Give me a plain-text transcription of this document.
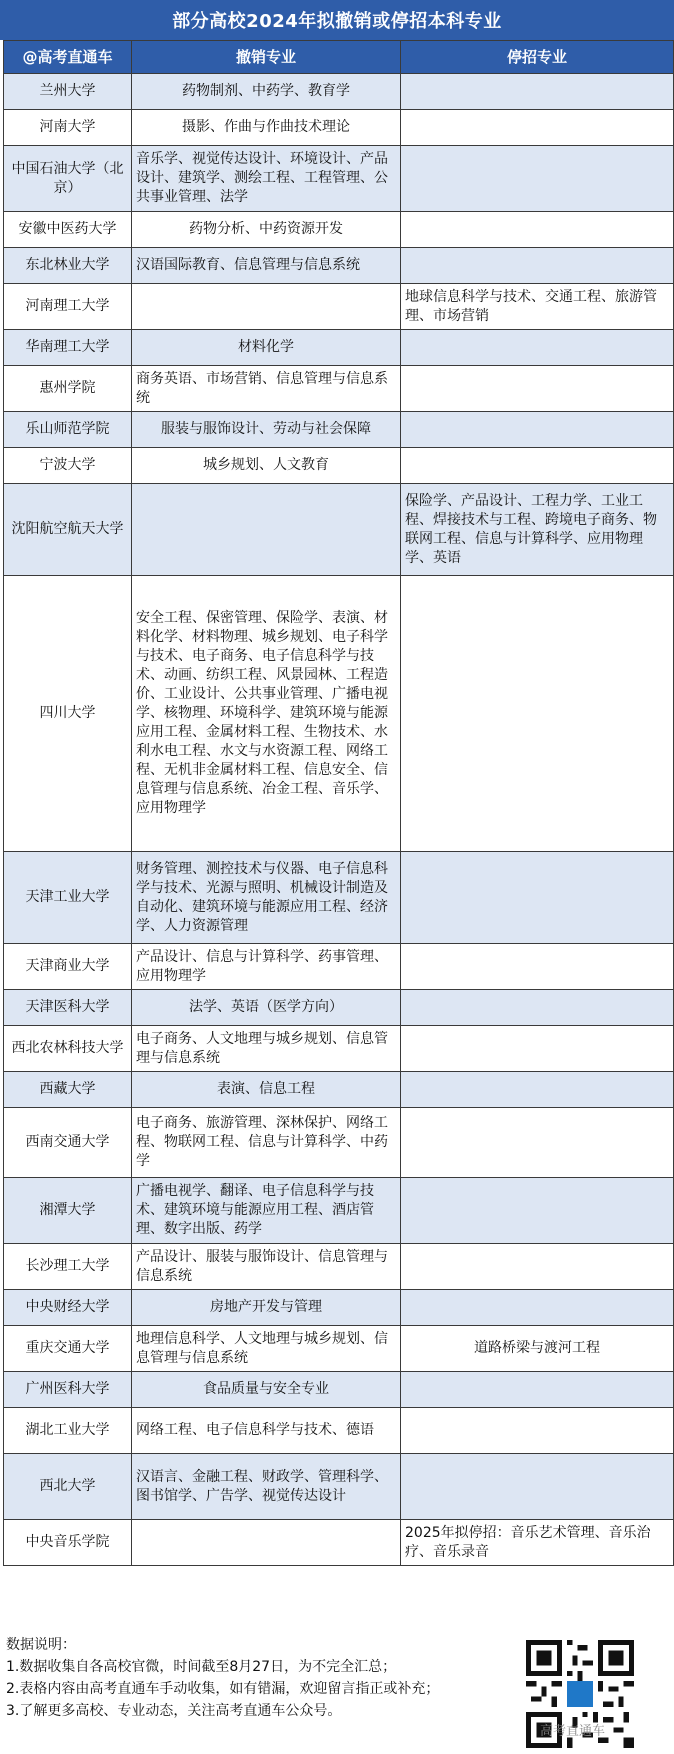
部分高校2024年拟撤销或停招本科专业
@高考直通车	撤销专业	停招专业
兰州大学	药物制剂、中药学、教育学	
河南大学	摄影、作曲与作曲技术理论	
中国石油大学（北京）	音乐学、视觉传达设计、环境设计、产品设计、建筑学、测绘工程、工程管理、公共事业管理、法学	
安徽中医药大学	药物分析、中药资源开发	
东北林业大学	汉语国际教育、信息管理与信息系统	
河南理工大学		地球信息科学与技术、交通工程、旅游管理、市场营销
华南理工大学	材料化学	
惠州学院	商务英语、市场营销、信息管理与信息系统	
乐山师范学院	服装与服饰设计、劳动与社会保障	
宁波大学	城乡规划、人文教育	
沈阳航空航天大学		保险学、产品设计、工程力学、工业工程、焊接技术与工程、跨境电子商务、物联网工程、信息与计算科学、应用物理学、英语
四川大学	安全工程、保密管理、保险学、表演、材料化学、材料物理、城乡规划、电子科学与技术、电子商务、电子信息科学与技术、动画、纺织工程、风景园林、工程造价、工业设计、公共事业管理、广播电视学、核物理、环境科学、建筑环境与能源应用工程、金属材料工程、生物技术、水利水电工程、水文与水资源工程、网络工程、无机非金属材料工程、信息安全、信息管理与信息系统、冶金工程、音乐学、应用物理学	
天津工业大学	财务管理、测控技术与仪器、电子信息科学与技术、光源与照明、机械设计制造及自动化、建筑环境与能源应用工程、经济学、人力资源管理	
天津商业大学	产品设计、信息与计算科学、药事管理、应用物理学	
天津医科大学	法学、英语（医学方向）	
西北农林科技大学	电子商务、人文地理与城乡规划、信息管理与信息系统	
西藏大学	表演、信息工程	
西南交通大学	电子商务、旅游管理、深林保护、网络工程、物联网工程、信息与计算科学、中药学	
湘潭大学	广播电视学、翻译、电子信息科学与技术、建筑环境与能源应用工程、酒店管理、数字出版、药学	
长沙理工大学	产品设计、服装与服饰设计、信息管理与信息系统	
中央财经大学	房地产开发与管理	
重庆交通大学	地理信息科学、人文地理与城乡规划、信息管理与信息系统	道路桥梁与渡河工程
广州医科大学	食品质量与安全专业	
湖北工业大学	网络工程、电子信息科学与技术、德语	
西北大学	汉语言、金融工程、财政学、管理科学、图书馆学、广告学、视觉传达设计	
中央音乐学院		2025年拟停招：音乐艺术管理、音乐治疗、音乐录音
数据说明：
1.数据收集自各高校官微，时间截至8月27日，为不完全汇总；
2.表格内容由高考直通车手动收集，如有错漏，欢迎留言指正或补充；
3.了解更多高校、专业动态，关注高考直通车公众号。
高考直通车
